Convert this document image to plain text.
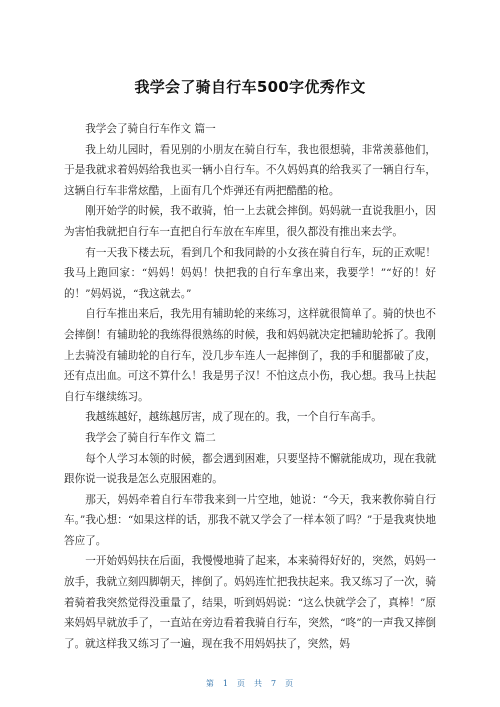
我学会了骑自行车500字优秀作文

我学会了骑自行车作文 篇一

我上幼儿园时，看见别的小朋友在骑自行车，我也很想骑，非常羡慕他们，于是我就求着妈妈给我也买一辆小自行车。不久妈妈真的给我买了一辆自行车，这辆自行车非常炫酷，上面有几个炸弹还有两把酷酷的枪。

刚开始学的时候，我不敢骑，怕一上去就会摔倒。妈妈就一直说我胆小，因为害怕我就把自行车一直把自行车放在车库里，很久都没有推出来去学。

有一天我下楼去玩，看到几个和我同龄的小女孩在骑自行车，玩的正欢呢！我马上跑回家：“妈妈！妈妈！快把我的自行车拿出来，我要学！”“好的！好的！”妈妈说，“我这就去。”

自行车推出来后，我先用有辅助轮的来练习，这样就很简单了。骑的快也不会摔倒！有辅助轮的我练得很熟练的时候，我和妈妈就决定把辅助轮拆了。我刚上去骑没有辅助轮的自行车，没几步车连人一起摔倒了，我的手和腿都破了皮，还有点出血。可这不算什么！我是男子汉！不怕这点小伤，我心想。我马上扶起自行车继续练习。

我越练越好，越练越厉害，成了现在的。我，一个自行车高手。

我学会了骑自行车作文 篇二

每个人学习本领的时候，都会遇到困难，只要坚持不懈就能成功，现在我就跟你说一说我是怎么克服困难的。

那天，妈妈牵着自行车带我来到一片空地，她说：“今天，我来教你骑自行车。”我心想：“如果这样的话，那我不就又学会了一样本领了吗？”于是我爽快地答应了。

一开始妈妈扶在后面，我慢慢地骑了起来，本来骑得好好的，突然，妈妈一放手，我就立刻四脚朝天，摔倒了。妈妈连忙把我扶起来。我又练习了一次，骑着骑着我突然觉得没重量了，结果，听到妈妈说：“这么快就学会了，真棒！”原来妈妈早就放手了，一直站在旁边看着我骑自行车，突然，“咚”的一声我又摔倒了。就这样我又练习了一遍，现在我不用妈妈扶了，突然，妈

第 1 页 共 7 页
